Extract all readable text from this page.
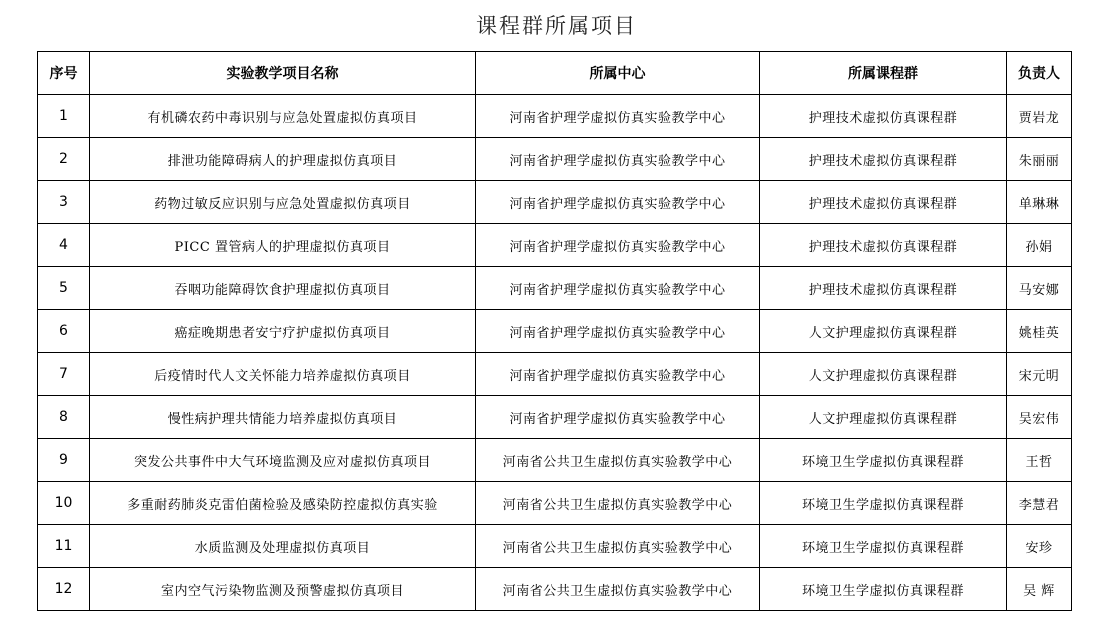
课程群所属项目
序号	实验教学项目名称	所属中心	所属课程群	负责人
1	有机磷农药中毒识别与应急处置虚拟仿真项目	河南省护理学虚拟仿真实验教学中心	护理技术虚拟仿真课程群	贾岩龙
2	排泄功能障碍病人的护理虚拟仿真项目	河南省护理学虚拟仿真实验教学中心	护理技术虚拟仿真课程群	朱丽丽
3	药物过敏反应识别与应急处置虚拟仿真项目	河南省护理学虚拟仿真实验教学中心	护理技术虚拟仿真课程群	单琳琳
4	PICC 置管病人的护理虚拟仿真项目	河南省护理学虚拟仿真实验教学中心	护理技术虚拟仿真课程群	孙娟
5	吞咽功能障碍饮食护理虚拟仿真项目	河南省护理学虚拟仿真实验教学中心	护理技术虚拟仿真课程群	马安娜
6	癌症晚期患者安宁疗护虚拟仿真项目	河南省护理学虚拟仿真实验教学中心	人文护理虚拟仿真课程群	姚桂英
7	后疫情时代人文关怀能力培养虚拟仿真项目	河南省护理学虚拟仿真实验教学中心	人文护理虚拟仿真课程群	宋元明
8	慢性病护理共情能力培养虚拟仿真项目	河南省护理学虚拟仿真实验教学中心	人文护理虚拟仿真课程群	吴宏伟
9	突发公共事件中大气环境监测及应对虚拟仿真项目	河南省公共卫生虚拟仿真实验教学中心	环境卫生学虚拟仿真课程群	王哲
10	多重耐药肺炎克雷伯菌检验及感染防控虚拟仿真实验	河南省公共卫生虚拟仿真实验教学中心	环境卫生学虚拟仿真课程群	李慧君
11	水质监测及处理虚拟仿真项目	河南省公共卫生虚拟仿真实验教学中心	环境卫生学虚拟仿真课程群	安珍
12	室内空气污染物监测及预警虚拟仿真项目	河南省公共卫生虚拟仿真实验教学中心	环境卫生学虚拟仿真课程群	吴 辉
